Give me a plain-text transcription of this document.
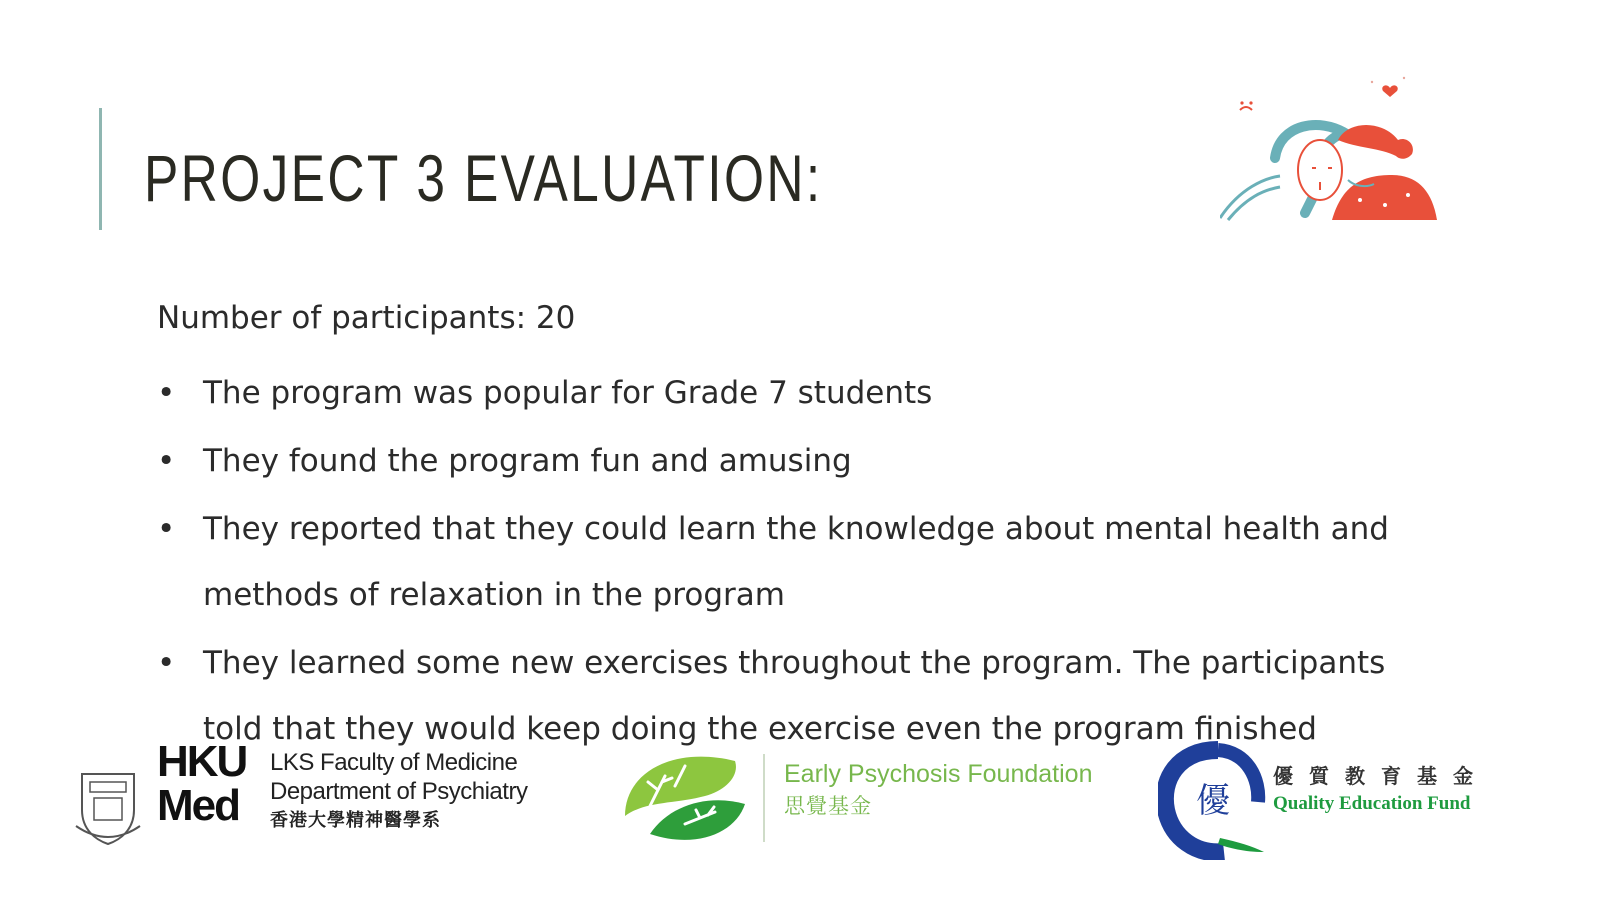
PROJECT 3 EVALUATION:

Number of participants: 20

• The program was popular for Grade 7 students
• They found the program fun and amusing
• They reported that they could learn the knowledge about mental health and methods of relaxation in the program
• They learned some new exercises throughout the program. The participants told that they would keep doing the exercise even the program finished
HKU
Med
LKS Faculty of Medicine
Department of Psychiatry
香港大學精神醫學系
Early Psychosis Foundation
思覺基金	優
優質教育基金
Quality Education Fund
